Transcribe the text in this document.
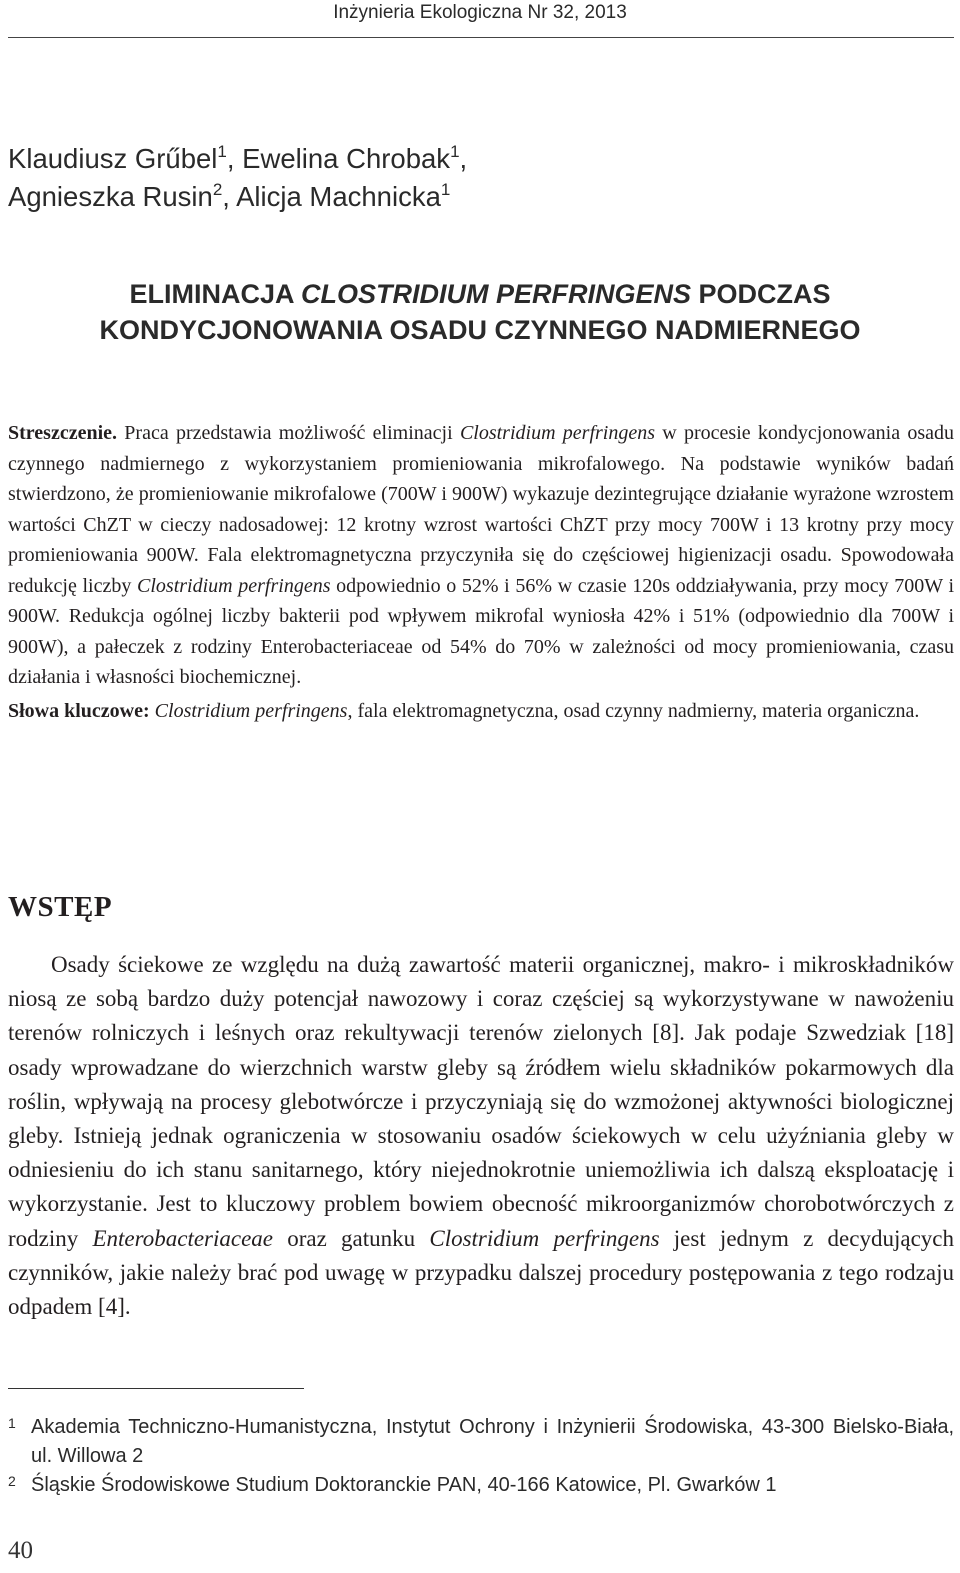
Inżynieria Ekologiczna Nr 32, 2013
Klaudiusz Grűbel$^1$, Ewelina Chrobak$^1$,
Agnieszka Rusin$^2$, Alicja Machnicka$^1$
ELIMINACJA CLOSTRIDIUM PERFRINGENS PODCZAS
KONDYCJONOWANIA OSADU CZYNNEGO NADMIERNEGO

Streszczenie. Praca przedstawia możliwość eliminacji Clostridium perfringens w procesie kondycjonowania osadu czynnego nadmiernego z wykorzystaniem promieniowania mikrofalowego. Na podstawie wyników badań stwierdzono, że promieniowanie mikrofalowe (700W i 900W) wykazuje dezintegrujące działanie wyrażone wzrostem wartości ChZT w cieczy nadosadowej: 12 krotny wzrost wartości ChZT przy mocy 700W i 13 krotny przy mocy promieniowania 900W. Fala elektromagnetyczna przyczyniła się do częściowej higienizacji osadu. Spowodowała redukcję liczby Clostridium perfringens odpowiednio o 52% i 56% w czasie 120s oddziaływania, przy mocy 700W i 900W. Redukcja ogólnej liczby bakterii pod wpływem mikrofal wyniosła 42% i 51% (odpowiednio dla 700W i 900W), a pałeczek z rodziny Enterobacteriaceae od 54% do 70% w zależności od mocy promieniowania, czasu działania i własności biochemicznej.

Słowa kluczowe: Clostridium perfringens, fala elektromagnetyczna, osad czynny nadmierny, materia organiczna.

WSTĘP

Osady ściekowe ze względu na dużą zawartość materii organicznej, makro- i mikroskładników niosą ze sobą bardzo duży potencjał nawozowy i coraz częściej są wykorzystywane w nawożeniu terenów rolniczych i leśnych oraz rekultywacji terenów zielonych [8]. Jak podaje Szwedziak [18] osady wprowadzane do wierzchnich warstw gleby są źródłem wielu składników pokarmowych dla roślin, wpływają na procesy glebotwórcze i przyczyniają się do wzmożonej aktywności biologicznej gleby. Istnieją jednak ograniczenia w stosowaniu osadów ściekowych w celu użyźniania gleby w odniesieniu do ich stanu sanitarnego, który niejednokrotnie uniemożliwia ich dalszą eksploatację i wykorzystanie. Jest to kluczowy problem bowiem obecność mikroorganizmów chorobotwórczych z rodziny Enterobacteriaceae oraz gatunku Clostridium perfringens jest jednym z decydujących czynników, jakie należy brać pod uwagę w przypadku dalszej procedury postępowania z tego rodzaju odpadem [4].

1 Akademia Techniczno-Humanistyczna, Instytut Ochrony i Inżynierii Środowiska, 43-300 Bielsko-Biała, ul. Willowa 2
2 Śląskie Środowiskowe Studium Doktoranckie PAN, 40-166 Katowice, Pl. Gwarków 1
40
